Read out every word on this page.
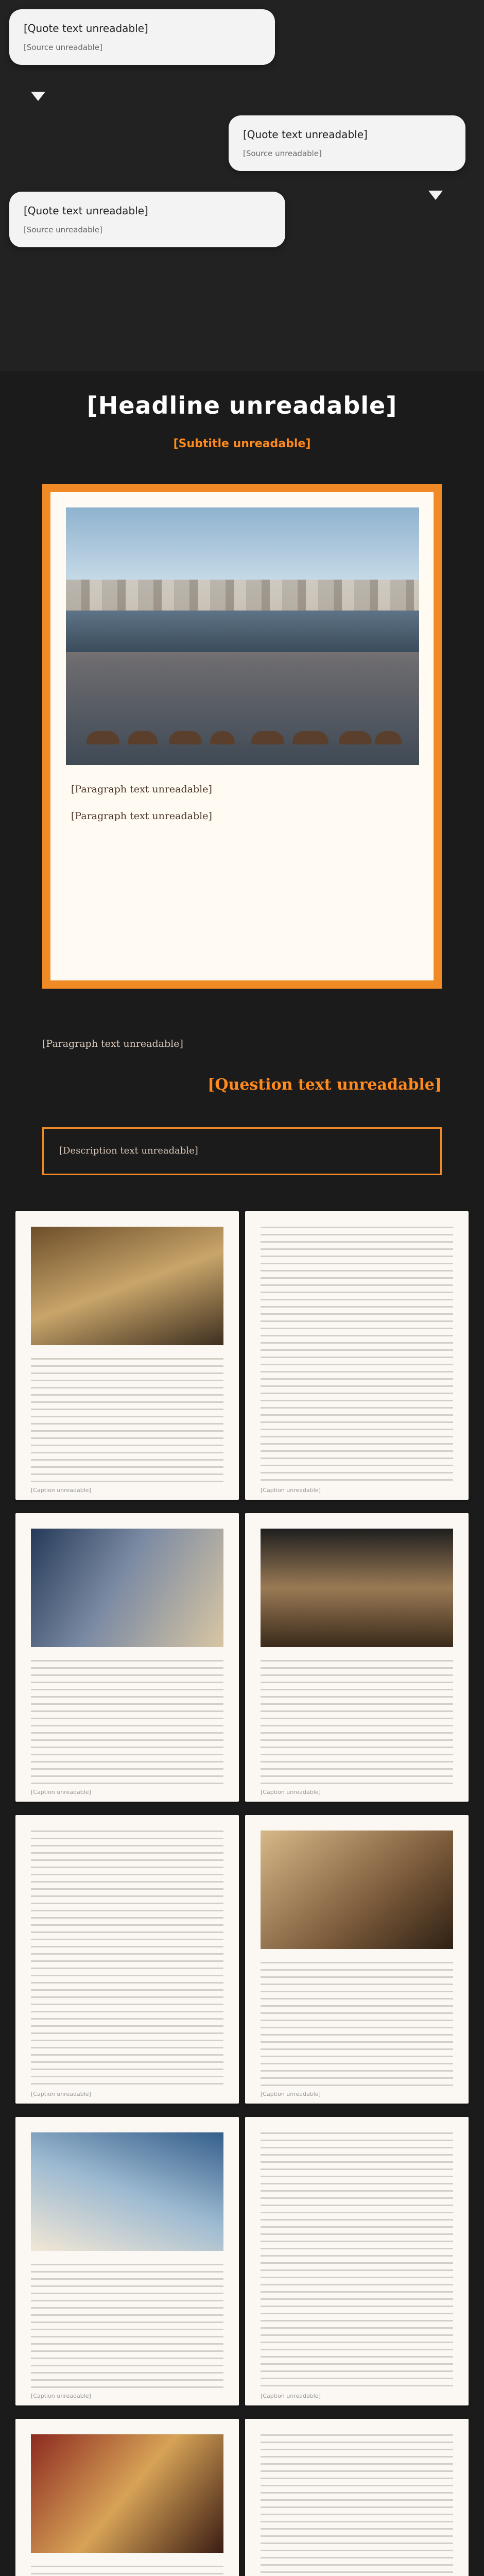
[Quote text unreadable]
[Source unreadable]
[Quote text unreadable]
[Source unreadable]
[Quote text unreadable]
[Source unreadable]
[Headline unreadable]

[Subtitle unreadable]

[Paragraph text unreadable]

[Paragraph text unreadable]

[Paragraph text unreadable]

[Question text unreadable]

[Description text unreadable]
[Caption unreadable]	[Caption unreadable]
[Caption unreadable]	[Caption unreadable]
[Caption unreadable]	[Caption unreadable]
[Caption unreadable]	[Caption unreadable]
